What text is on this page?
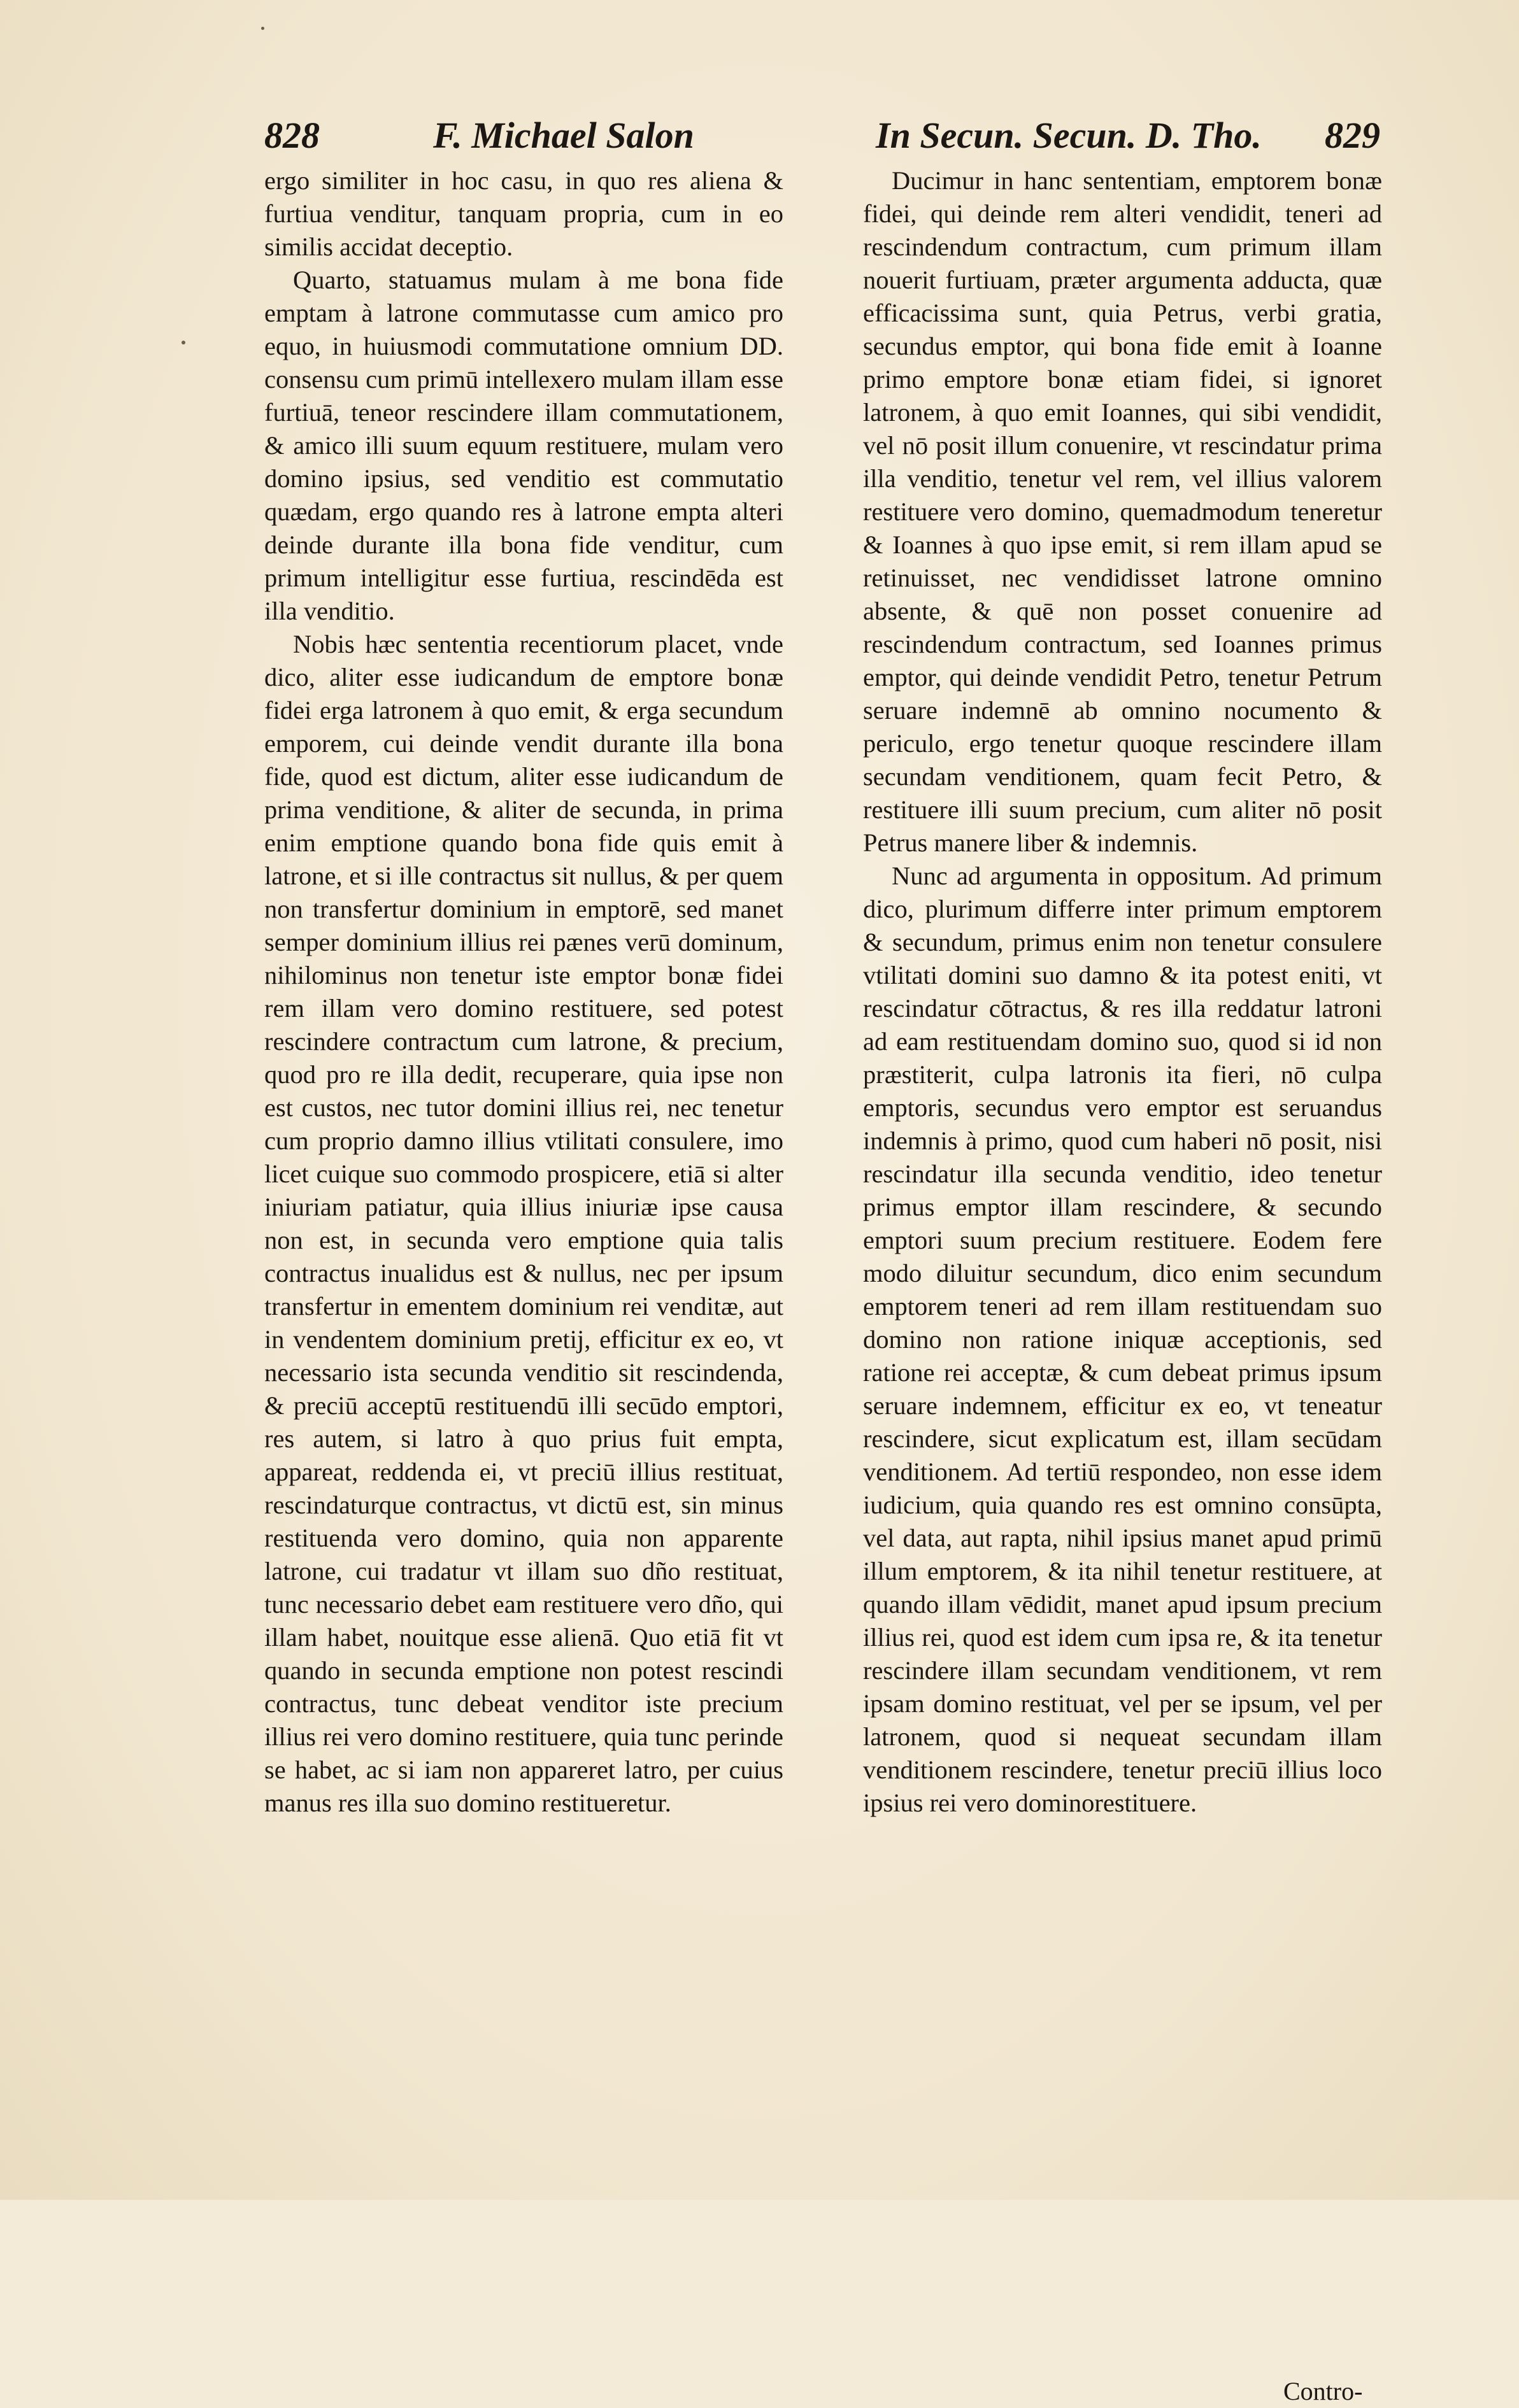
828	F. Michael Salon	In Secun. Secun. D. Tho. 829

ergo similiter in hoc casu, in quo res aliena & furtiua venditur, tanquam propria, cum in eo similis accidat deceptio.

Quarto, statuamus mulam à me bona fide emptam à latrone commutasse cum amico pro equo, in huiusmodi commutatione omnium DD. consensu cum primū intellexero mulam illam esse furtiuā, teneor rescindere illam commutationem, & amico illi suum equum restituere, mulam vero domino ipsius, sed venditio est commutatio quædam, ergo quando res à latrone empta alteri deinde durante illa bona fide venditur, cum primum intelligitur esse furtiua, rescindēda est illa venditio.

Nobis hæc sententia recentiorum placet, vnde dico, aliter esse iudicandum de emptore bonæ fidei erga latronem à quo emit, & erga secundum emporem, cui deinde vendit durante illa bona fide, quod est dictum, aliter esse iudicandum de prima venditione, & aliter de secunda, in prima enim emptione quando bona fide quis emit à latrone, et si ille contractus sit nullus, & per quem non transfertur dominium in emptorē, sed manet semper dominium illius rei pænes verū dominum, nihilominus non tenetur iste emptor bonæ fidei rem illam vero domino restituere, sed potest rescindere contractum cum latrone, & precium, quod pro re illa dedit, recuperare, quia ipse non est custos, nec tutor domini illius rei, nec tenetur cum proprio damno illius vtilitati consulere, imo licet cuique suo commodo prospicere, etiā si alter iniuriam patiatur, quia illius iniuriæ ipse causa non est, in secunda vero emptione quia talis contractus inualidus est & nullus, nec per ipsum transfertur in ementem dominium rei venditæ, aut in vendentem dominium pretij, efficitur ex eo, vt necessario ista secunda venditio sit rescindenda, & preciū acceptū restituendū illi secūdo emptori, res autem, si latro à quo prius fuit empta, appareat, reddenda ei, vt preciū illius restituat, rescindaturque contractus, vt dictū est, sin minus restituenda vero domino, quia non apparente latrone, cui tradatur vt illam suo dño restituat, tunc necessario debet eam restituere vero dño, qui illam habet, nouitque esse alienā. Quo etiā fit vt quando in secunda emptione non potest rescindi contractus, tunc debeat venditor iste precium illius rei vero domino restituere, quia tunc perinde se habet, ac si iam non appareret latro, per cuius manus res illa suo domino restitueretur.

Ducimur in hanc sententiam, emptorem bonæ fidei, qui deinde rem alteri vendidit, teneri ad rescindendum contractum, cum primum illam nouerit furtiuam, præter argumenta adducta, quæ efficacissima sunt, quia Petrus, verbi gratia, secundus emptor, qui bona fide emit à Ioanne primo emptore bonæ etiam fidei, si ignoret latronem, à quo emit Ioannes, qui sibi vendidit, vel nō posit illum conuenire, vt rescindatur prima illa venditio, tenetur vel rem, vel illius valorem restituere vero domino, quemadmodum teneretur & Ioannes à quo ipse emit, si rem illam apud se retinuisset, nec vendidisset latrone omnino absente, & quē non posset conuenire ad rescindendum contractum, sed Ioannes primus emptor, qui deinde vendidit Petro, tenetur Petrum seruare indemnē ab omnino nocumento & periculo, ergo tenetur quoque rescindere illam secundam venditionem, quam fecit Petro, & restituere illi suum precium, cum aliter nō posit Petrus manere liber & indemnis.

Nunc ad argumenta in oppositum. Ad primum dico, plurimum differre inter primum emptorem & secundum, primus enim non tenetur consulere vtilitati domini suo damno & ita potest eniti, vt rescindatur cōtractus, & res illa reddatur latroni ad eam restituendam domino suo, quod si id non præstiterit, culpa latronis ita fieri, nō culpa emptoris, secundus vero emptor est seruandus indemnis à primo, quod cum haberi nō posit, nisi rescindatur illa secunda venditio, ideo tenetur primus emptor illam rescindere, & secundo emptori suum precium restituere. Eodem fere modo diluitur secundum, dico enim secundum emptorem teneri ad rem illam restituendam suo domino non ratione iniquæ acceptionis, sed ratione rei acceptæ, & cum debeat primus ipsum seruare indemnem, efficitur ex eo, vt teneatur rescindere, sicut explicatum est, illam secūdam venditionem. Ad tertiū respondeo, non esse idem iudicium, quia quando res est omnino consūpta, vel data, aut rapta, nihil ipsius manet apud primū illum emptorem, & ita nihil tenetur restituere, at quando illam vēdidit, manet apud ipsum precium illius rei, quod est idem cum ipsa re, & ita tenetur rescindere illam secundam venditionem, vt rem ipsam domino restituat, vel per se ipsum, vel per latronem, quod si nequeat secundam illam venditionem rescindere, tenetur preciū illius loco ipsius rei vero dominorestituere.

Contro-
